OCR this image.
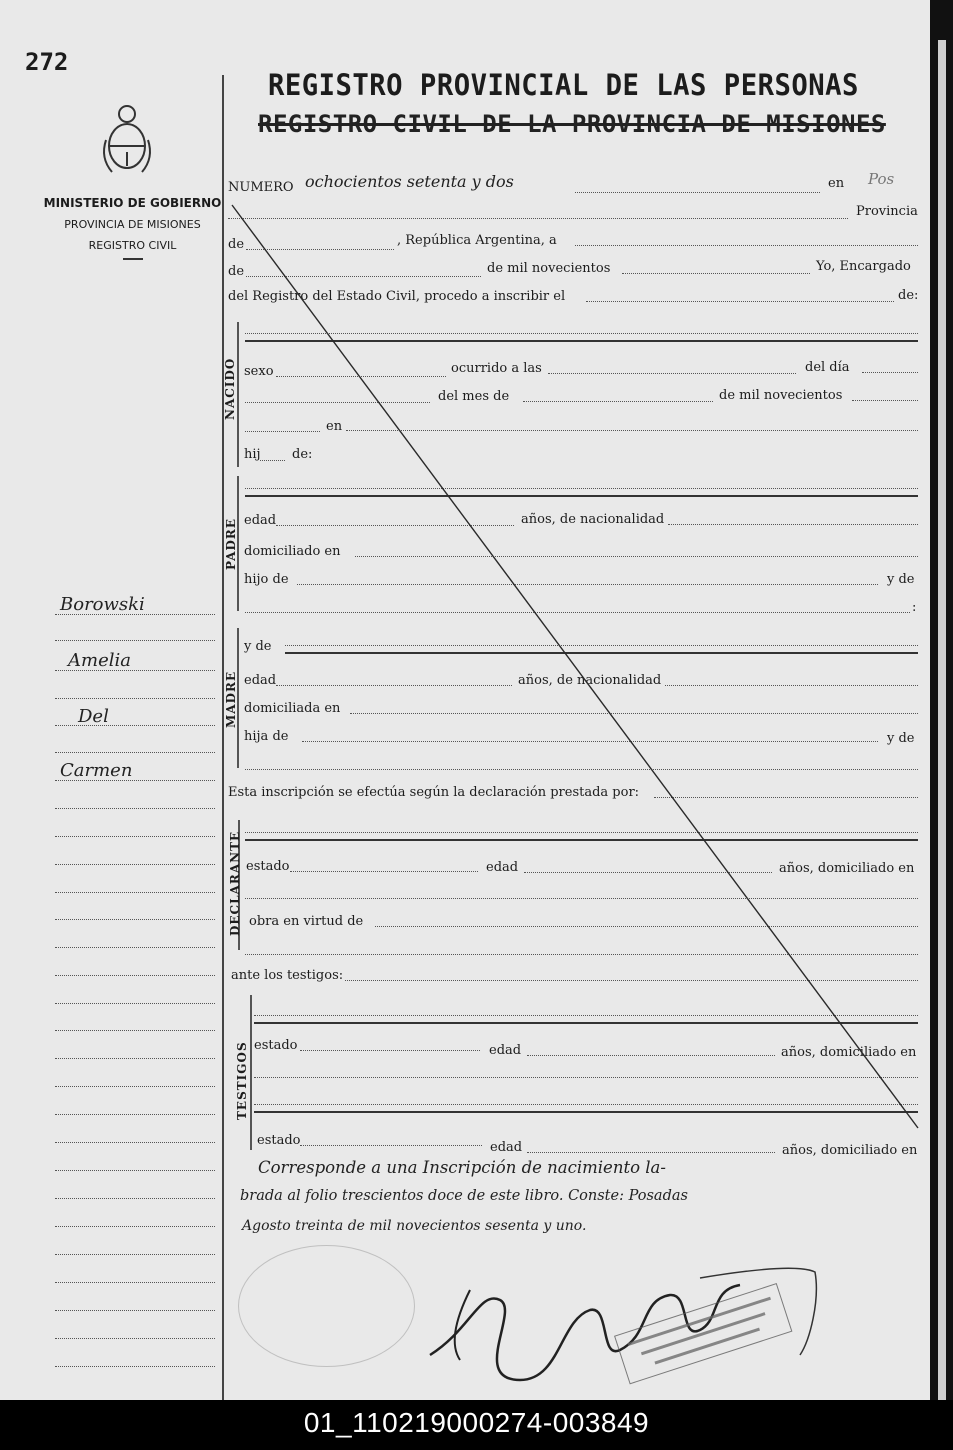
272
MINISTERIO DE GOBIERNO
PROVINCIA DE MISIONES
REGISTRO CIVIL
REGISTRO PROVINCIAL DE LAS PERSONAS
REGISTRO CIVIL DE LA PROVINCIA DE MISIONES
NUMERO ochocientos setenta y dos	en Pos
Provincia
de	, República Argentina, a
de	de mil novecientos	Yo, Encargado
del Registro del Estado Civil, procedo a inscribir el	de:
NACIDO sexo	ocurrido a las	del día
del mes de	de mil novecientos
en
hij de:
PADRE edad	años, de nacionalidad
domiciliado en
hijo de	y de
:
MADRE
y de
edad	años, de nacionalidad
domiciliada en
hija de	y de
Esta inscripción se efectúa según la declaración prestada por:
DECLARANTE estado	edad	años, domiciliado en
obra en virtud de
ante los testigos:
TESTIGOS estado	edad	años, domiciliado en
estado	edad	años, domiciliado en
Corresponde a una Inscripción de nacimiento la-
brada al folio trescientos doce de este libro. Conste: Posadas
Agosto treinta de mil novecientos sesenta y uno.
Borowski
Amelia
Del
Carmen
01_110219000274-003849
